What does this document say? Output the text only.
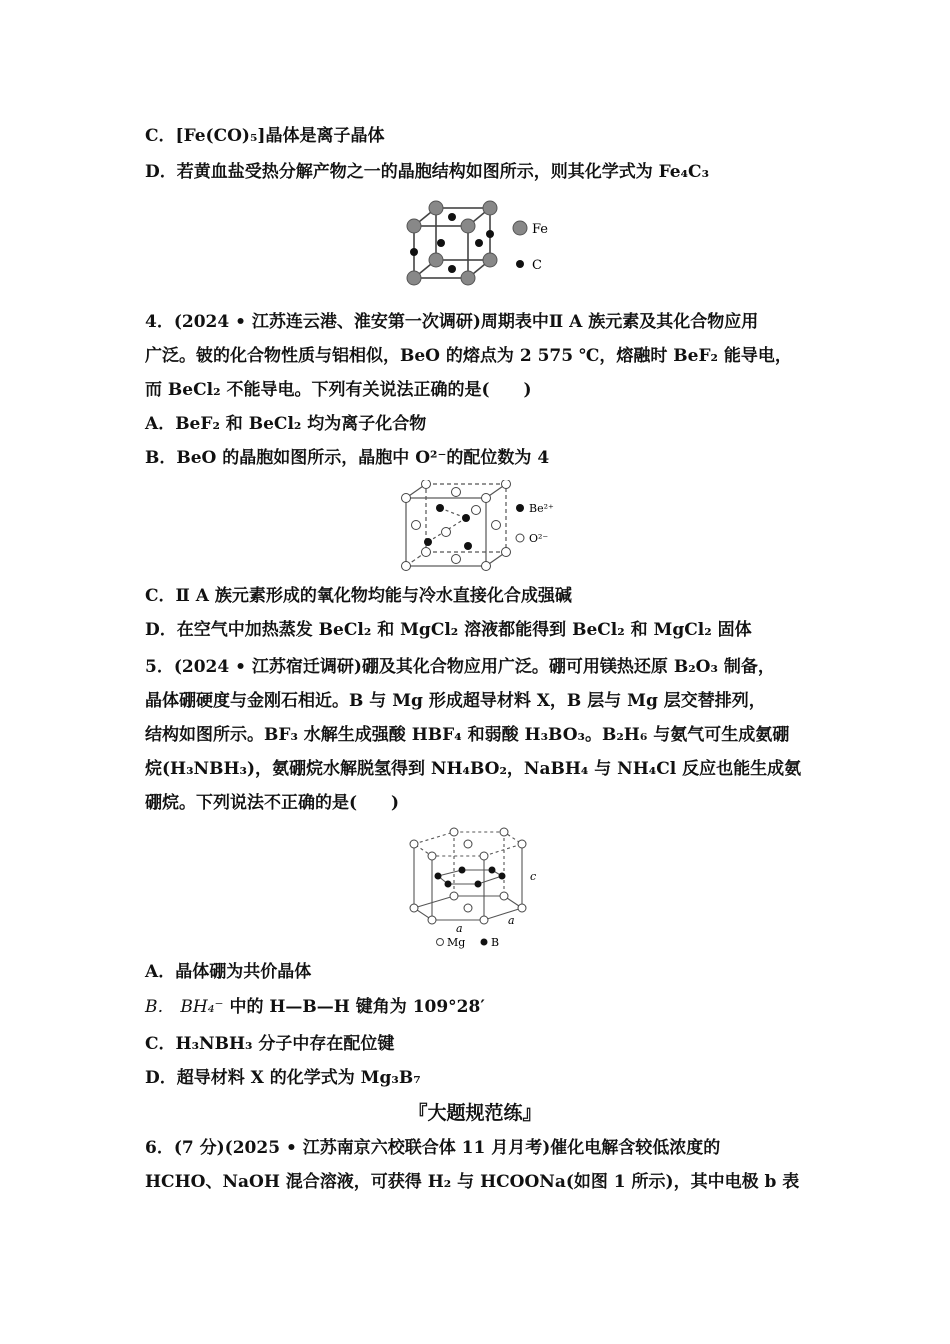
C．[Fe(CO)₅]晶体是离子晶体
D．若黄血盐受热分解产物之一的晶胞结构如图所示，则其化学式为 Fe₄C₃
Fe
C
4．(2024 • 江苏连云港、淮安第一次调研)周期表中Ⅱ A 族元素及其化合物应用
广泛。铍的化合物性质与铝相似，BeO 的熔点为 2 575 ℃，熔融时 BeF₂ 能导电，
而 BeCl₂ 不能导电。下列有关说法正确的是(　　)
A．BeF₂ 和 BeCl₂ 均为离子化合物
B．BeO 的晶胞如图所示，晶胞中 O²⁻的配位数为 4
Be²⁺
O²⁻
C．Ⅱ A 族元素形成的氧化物均能与冷水直接化合成强碱
D．在空气中加热蒸发 BeCl₂ 和 MgCl₂ 溶液都能得到 BeCl₂ 和 MgCl₂ 固体
5．(2024 • 江苏宿迁调研)硼及其化合物应用广泛。硼可用镁热还原 B₂O₃ 制备，
晶体硼硬度与金刚石相近。B 与 Mg 形成超导材料 X，B 层与 Mg 层交替排列，
结构如图所示。BF₃ 水解生成强酸 HBF₄ 和弱酸 H₃BO₃。B₂H₆ 与氨气可生成氨硼
烷(H₃NBH₃)，氨硼烷水解脱氢得到 NH₄BO₂，NaBH₄ 与 NH₄Cl 反应也能生成氨
硼烷。下列说法不正确的是(　　)
a
a
c
Mg B
A．晶体硼为共价晶体
B． BH₄⁻ 中的 H—B—H 键角为 109°28′
C．H₃NBH₃ 分子中存在配位键
D．超导材料 X 的化学式为 Mg₃B₇
『大题规范练』
6．(7 分)(2025 • 江苏南京六校联合体 11 月月考)催化电解含较低浓度的
HCHO、NaOH 混合溶液，可获得 H₂ 与 HCOONa(如图 1 所示)，其中电极 b 表
